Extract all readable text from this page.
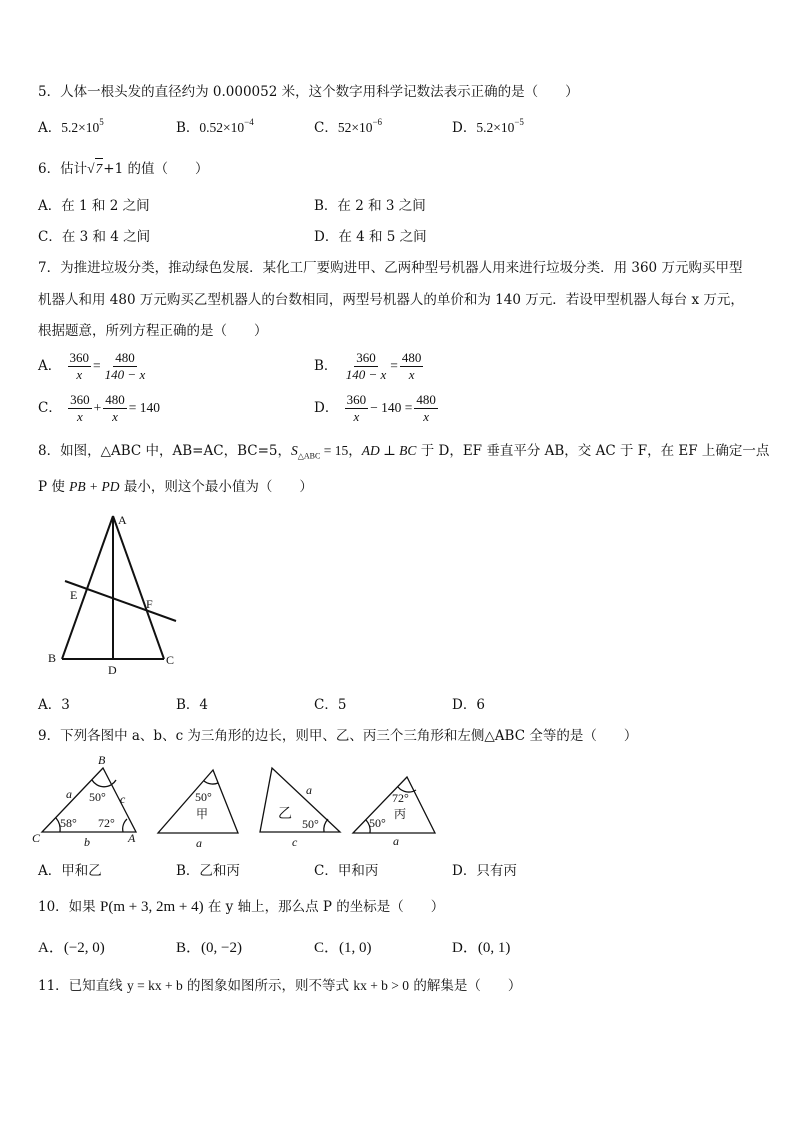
5．人体一根头发的直径约为 0.000052 米，这个数字用科学记数法表示正确的是（　　）
A．$5.2\times 10^5$	B．$0.52\times 10^{-4}$	C．$52\times 10^{-6}$	D．$5.2\times 10^{-5}$
6．估计√7+1 的值（　　）
A．在 1 和 2 之间	B．在 2 和 3 之间
C．在 3 和 4 之间	D．在 4 和 5 之间
7．为推进垃圾分类，推动绿色发展．某化工厂要购进甲、乙两种型号机器人用来进行垃圾分类．用 360 万元购买甲型
机器人和用 480 万元购买乙型机器人的台数相同，两型号机器人的单价和为 140 万元．若设甲型机器人每台 x 万元，
根据题意，所列方程正确的是（　　）
A． $\frac{360}{x} = \frac{480}{140 - x}$	B． $\frac{360}{140 - x} = \frac{480}{x}$
C． $\frac{360}{x} + \frac{480}{x} = 140$	D． $\frac{360}{x} - 140 = \frac{480}{x}$
8．如图，△ABC 中，AB=AC，BC=5，$S_{\triangle ABC} = 15$，AD ⊥ BC 于 D，EF 垂直平分 AB，交 AC 于 F，在 EF 上确定一点
P 使 PB + PD 最小，则这个最小值为（　　）
A
B	C
D
E
F
A．3	B．4	C．5	D．6
9．下列各图中 a、b、c 为三角形的边长，则甲、乙、丙三个三角形和左侧△ABC 全等的是（　　）
B
C	A
a	c
b
50°
58° 72°
50°
甲
a
乙
a
50°
c
72°
丙
50°
a
A．甲和乙	B．乙和丙	C．甲和丙	D．只有丙
10．如果 P(m + 3, 2m + 4) 在 y 轴上，那么点 P 的坐标是（　　）
A．(−2, 0)	B．(0, −2)	C．(1, 0)	D．(0, 1)
11．已知直线 y = kx + b 的图象如图所示，则不等式 kx + b > 0 的解集是（　　）
